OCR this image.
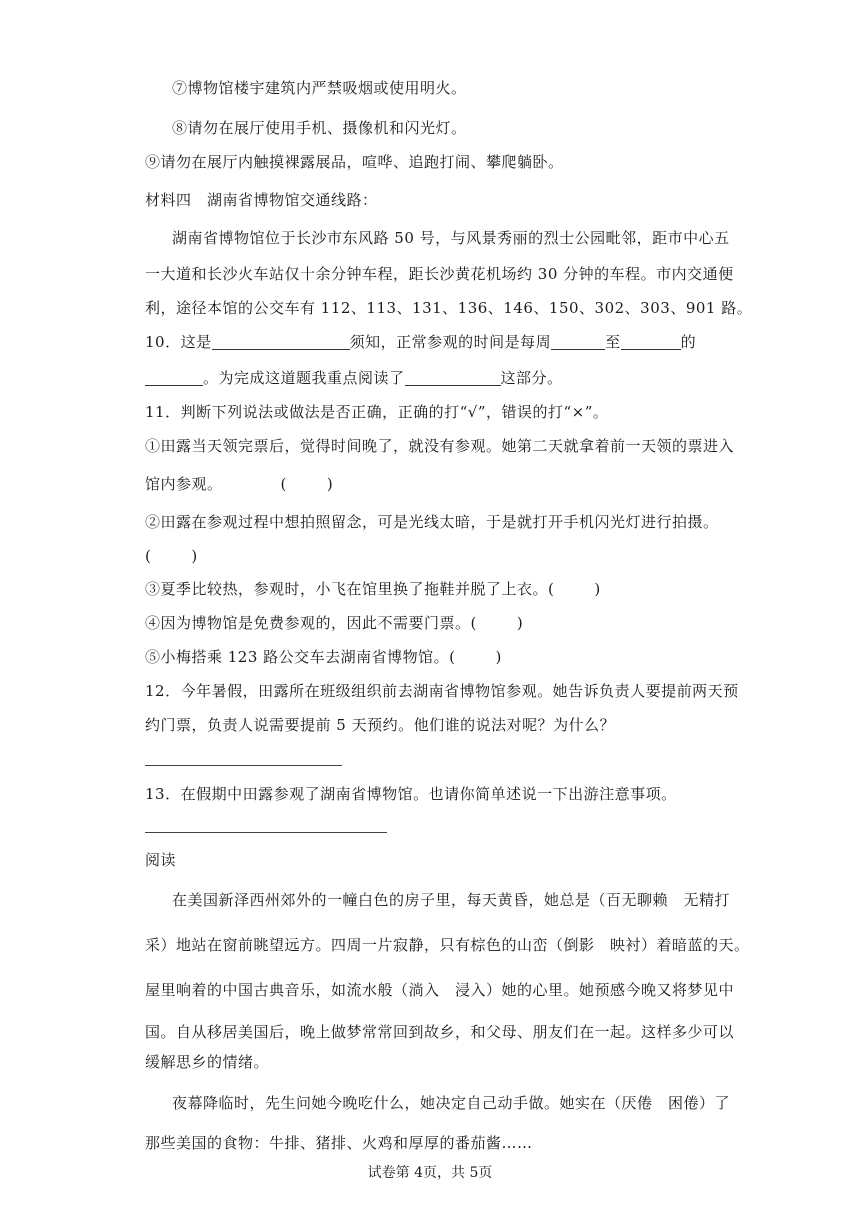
⑦博物馆楼宇建筑内严禁吸烟或使用明火。
⑧请勿在展厅使用手机、摄像机和闪光灯。
⑨请勿在展厅内触摸裸露展品，喧哗、追跑打闹、攀爬躺卧。
材料四　湖南省博物馆交通线路：
湖南省博物馆位于长沙市东风路 50 号，与风景秀丽的烈士公园毗邻，距市中心五
一大道和长沙火车站仅十余分钟车程，距长沙黄花机场约 30 分钟的车程。市内交通便
利，途径本馆的公交车有 112、113、131、136、146、150、302、303、901 路。
10．这是	须知，正常参观的时间是每周	至	的
。为完成这道题我重点阅读了	这部分。
11．判断下列说法或做法是否正确，正确的打“√”，错误的打“×”。
①田露当天领完票后，觉得时间晚了，就没有参观。她第二天就拿着前一天领的票进入
馆内参观。	(	)
②田露在参观过程中想拍照留念，可是光线太暗，于是就打开手机闪光灯进行拍摄。
(	)
③夏季比较热，参观时，小飞在馆里换了拖鞋并脱了上衣。(	)
④因为博物馆是免费参观的，因此不需要门票。(	)
⑤小梅搭乘 123 路公交车去湖南省博物馆。(	)
12．今年暑假，田露所在班级组织前去湖南省博物馆参观。她告诉负责人要提前两天预
约门票，负责人说需要提前 5 天预约。他们谁的说法对呢？为什么？
13．在假期中田露参观了湖南省博物馆。也请你简单述说一下出游注意事项。
阅读
在美国新泽西州郊外的一幢白色的房子里，每天黄昏，她总是（百无聊赖　无精打
采）地站在窗前眺望远方。四周一片寂静，只有棕色的山峦（倒影　映衬）着暗蓝的天。
屋里响着的中国古典音乐，如流水般（淌入　浸入）她的心里。她预感今晚又将梦见中
国。自从移居美国后，晚上做梦常常回到故乡，和父母、朋友们在一起。这样多少可以
缓解思乡的情绪。
夜幕降临时，先生问她今晚吃什么，她决定自己动手做。她实在（厌倦　困倦）了
那些美国的食物：牛排、猪排、火鸡和厚厚的番茄酱……
试卷第 4页，共 5页
